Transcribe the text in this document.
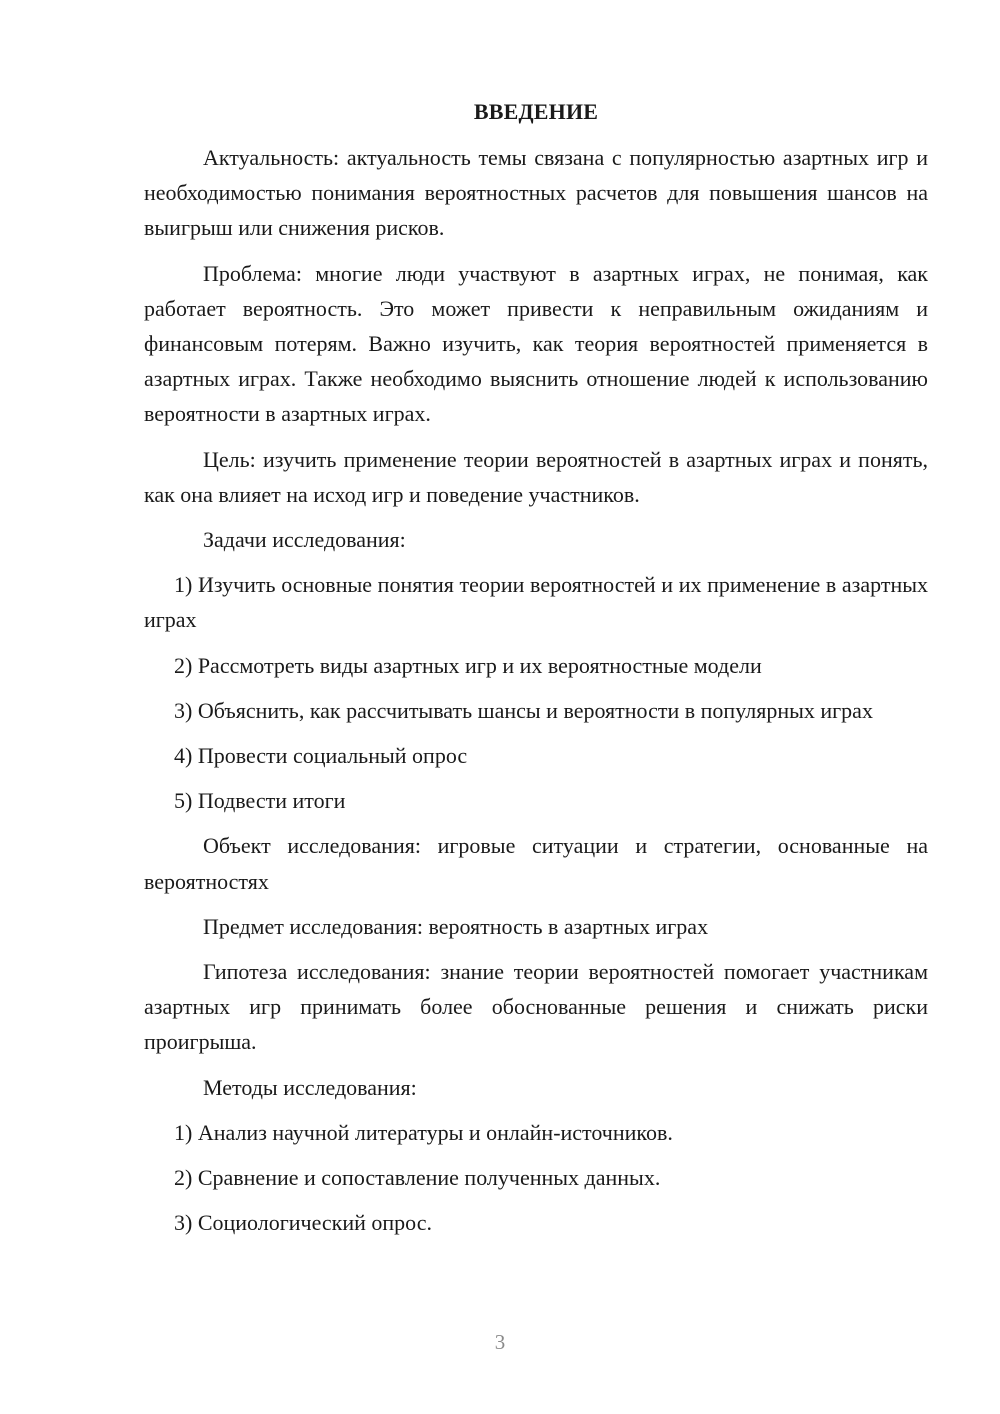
ВВЕДЕНИЕ

Актуальность: актуальность темы связана с популярностью азартных игр и необходимостью понимания вероятностных расчетов для повышения шансов на выигрыш или снижения рисков.

Проблема: многие люди участвуют в азартных играх, не понимая, как работает вероятность. Это может привести к неправильным ожиданиям и финансовым потерям. Важно изучить, как теория вероятностей применяется в азартных играх. Также необходимо выяснить отношение людей к использованию вероятности в азартных играх.

Цель: изучить применение теории вероятностей в азартных играх и понять, как она влияет на исход игр и поведение участников.

Задачи исследования:

1) Изучить основные понятия теории вероятностей и их применение в азартных играх

2) Рассмотреть виды азартных игр и их вероятностные модели

3) Объяснить, как рассчитывать шансы и вероятности в популярных играх

4) Провести социальный опрос

5) Подвести итоги

Объект исследования: игровые ситуации и стратегии, основанные на вероятностях

Предмет исследования: вероятность в азартных играх

Гипотеза исследования: знание теории вероятностей помогает участникам азартных игр принимать более обоснованные решения и снижать риски проигрыша.

Методы исследования:

1) Анализ научной литературы и онлайн-источников.

2) Сравнение и сопоставление полученных данных.

3) Социологический опрос.

3
